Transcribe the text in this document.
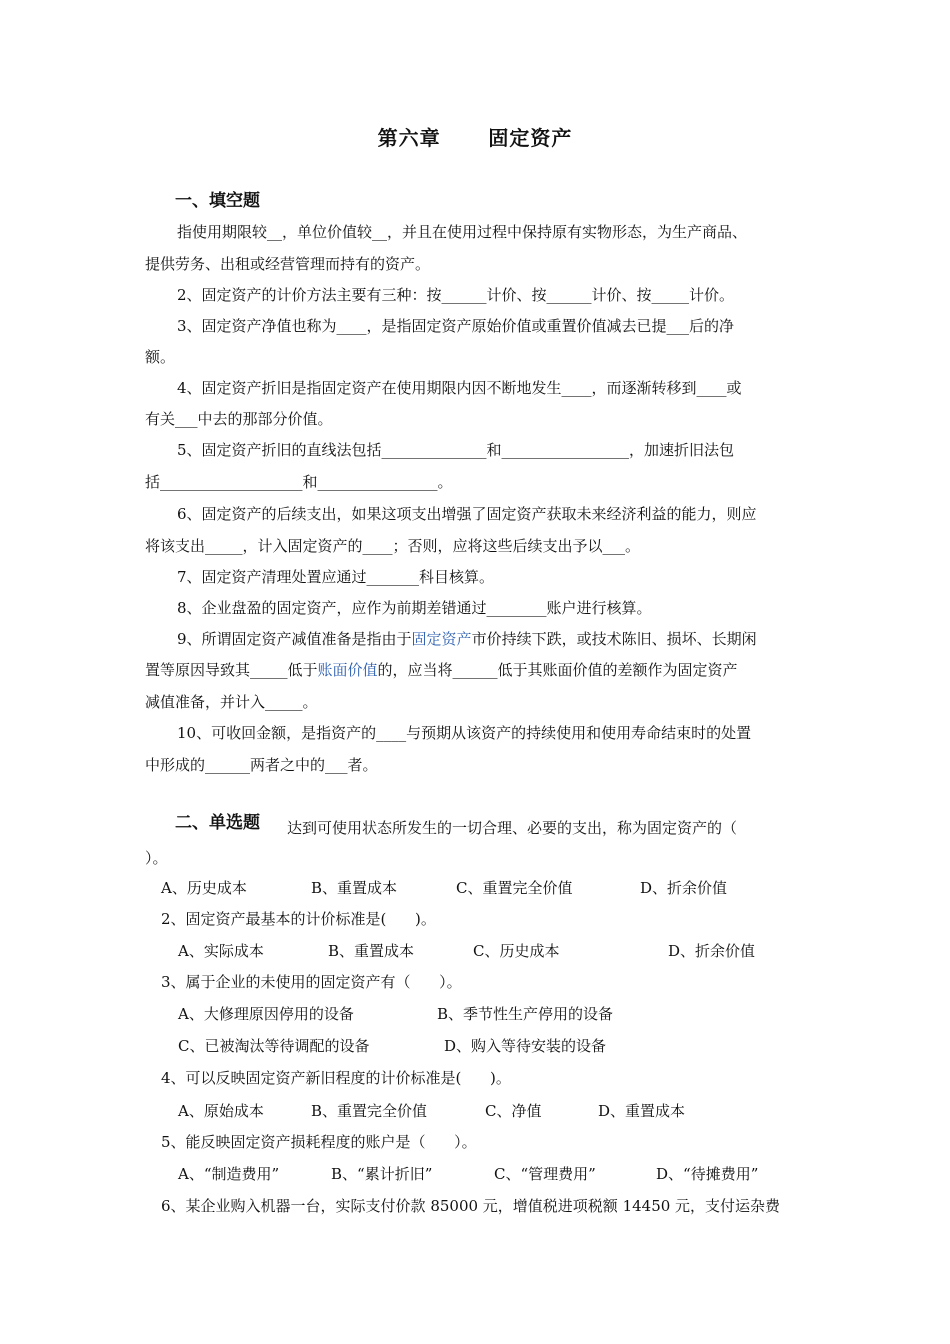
第六章      固定资产
一、填空题
指使用期限较__，单位价值较__，并且在使用过程中保持原有实物形态，为生产商品、
提供劳务、出租或经营管理而持有的资产。
2、固定资产的计价方法主要有三种：按______计价、按______计价、按_____计价。
3、固定资产净值也称为____，是指固定资产原始价值或重置价值减去已提___后的净
额。
4、固定资产折旧是指固定资产在使用期限内因不断地发生____，而逐渐转移到____或
有关___中去的那部分价值。
5、固定资产折旧的直线法包括______________和_________________，加速折旧法包
括___________________和________________。
6、固定资产的后续支出，如果这项支出增强了固定资产获取未来经济利益的能力，则应
将该支出_____，计入固定资产的____；否则，应将这些后续支出予以___。
7、固定资产清理处置应通过_______科目核算。
8、企业盘盈的固定资产，应作为前期差错通过________账户进行核算。
9、所谓固定资产减值准备是指由于固定资产市价持续下跌，或技术陈旧、损坏、长期闲
置等原因导致其_____低于账面价值的，应当将______低于其账面价值的差额作为固定资产
减值准备，并计入_____。
10、可收回金额，是指资产的____与预期从该资产的持续使用和使用寿命结束时的处置
中形成的______两者之中的___者。
二、单选题 达到可使用状态所发生的一切合理、必要的支出，称为固定资产的（
）。
A、历史成本	B、重置成本	C、重置完全价值	D、折余价值
2、固定资产最基本的计价标准是(      )。
A、实际成本	B、重置成本	C、历史成本	D、折余价值
3、属于企业的未使用的固定资产有（      ）。
A、大修理原因停用的设备	B、季节性生产停用的设备
C、已被淘汰等待调配的设备	D、购入等待安装的设备
4、可以反映固定资产新旧程度的计价标准是(      )。
A、原始成本	B、重置完全价值	C、净值	D、重置成本
5、能反映固定资产损耗程度的账户是（      ）。
A、“制造费用”	B、“累计折旧”	C、“管理费用”	D、“待摊费用”
6、某企业购入机器一台，实际支付价款 85000 元，增值税进项税额 14450 元，支付运杂费
